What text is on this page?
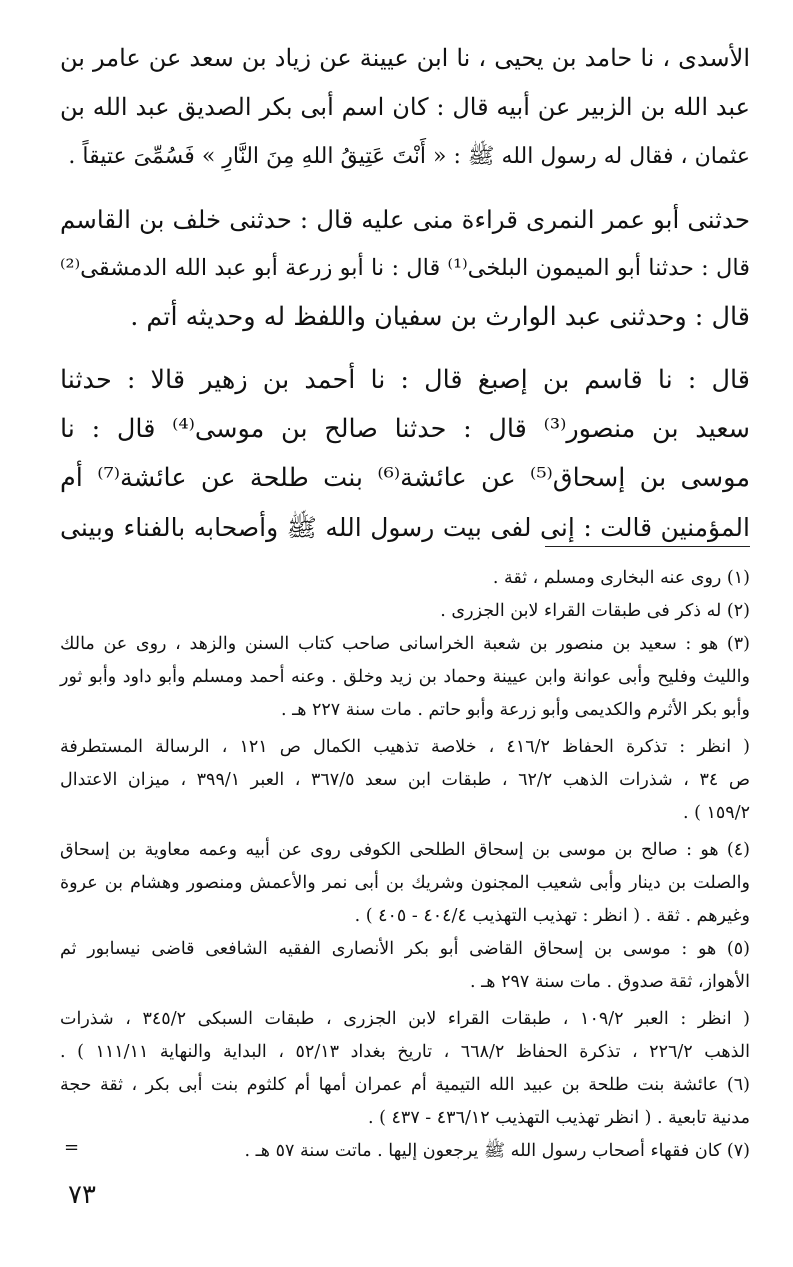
الأسدى ، نا حامد بن يحيى ، نا ابن عيينة عن زياد بن سعد عن عامر بن
عبد الله بن الزبير عن أبيه قال : كان اسم أبى بكر الصديق عبد الله بن
عثمان ، فقال له رسول الله ﷺ : « أَنْتَ عَتِيقُ اللهِ مِنَ النَّارِ » فَسُمِّىَ عتيقاً .
حدثنى أبو عمر النمرى قراءة منى عليه قال : حدثنى خلف بن القاسم
قال : حدثنا أبو الميمون البلخى⁽¹⁾ قال : نا أبو زرعة أبو عبد الله الدمشقى⁽²⁾
قال : وحدثنى عبد الوارث بن سفيان واللفظ له وحديثه أتم .
قال : نا قاسم بن إصبغ قال : نا أحمد بن زهير قالا : حدثنا
سعيد بن منصور⁽³⁾ قال : حدثنا صالح بن موسى⁽⁴⁾ قال : نا
موسى بن إسحاق⁽⁵⁾ عن عائشة⁽⁶⁾ بنت طلحة عن عائشة⁽⁷⁾ أم
المؤمنين قالت : إنى لفى بيت رسول الله ﷺ وأصحابه بالفناء وبينى
(١) روى عنه البخارى ومسلم ، ثقة .
(٢) له ذكر فى طبقات القراء لابن الجزرى .
(٣) هو : سعيد بن منصور بن شعبة الخراسانى صاحب كتاب السنن والزهد ، روى عن مالك
والليث وفليح وأبى عوانة وابن عيينة وحماد بن زيد وخلق . وعنه أحمد ومسلم وأبو داود وأبو ثور
وأبو بكر الأثرم والكديمى وأبو زرعة وأبو حاتم . مات سنة ٢٢٧ هـ .
( انظر : تذكرة الحفاظ ٤١٦/٢ ، خلاصة تذهيب الكمال ص ١٢١ ، الرسالة المستطرفة
ص ٣٤ ، شذرات الذهب ٦٢/٢ ، طبقات ابن سعد ٣٦٧/٥ ، العبر ٣٩٩/١ ، ميزان الاعتدال
١٥٩/٢ ) .
(٤) هو : صالح بن موسى بن إسحاق الطلحى الكوفى روى عن أبيه وعمه معاوية بن إسحاق
والصلت بن دينار وأبى شعيب المجنون وشريك بن أبى نمر والأعمش ومنصور وهشام بن عروة
وغيرهم . ثقة . ( انظر : تهذيب التهذيب ٤٠٤/٤ - ٤٠٥ ) .
(٥) هو : موسى بن إسحاق القاضى أبو بكر الأنصارى الفقيه الشافعى قاضى نيسابور ثم
الأهواز، ثقة صدوق . مات سنة ٢٩٧ هـ .
( انظر : العبر ١٠٩/٢ ، طبقات القراء لابن الجزرى ، طبقات السبكى ٣٤٥/٢ ، شذرات
الذهب ٢٢٦/٢ ، تذكرة الحفاظ ٦٦٨/٢ ، تاريخ بغداد ٥٢/١٣ ، البداية والنهاية ١١١/١١ ) .
(٦) عائشة بنت طلحة بن عبيد الله التيمية أم عمران أمها أم كلثوم بنت أبى بكر ، ثقة حجة
مدنية تابعية . ( انظر تهذيب التهذيب ٤٣٦/١٢ - ٤٣٧ ) .
(٧) كان فقهاء أصحاب رسول الله ﷺ يرجعون إليها . ماتت سنة ٥٧ هـ .
=
٧٣
